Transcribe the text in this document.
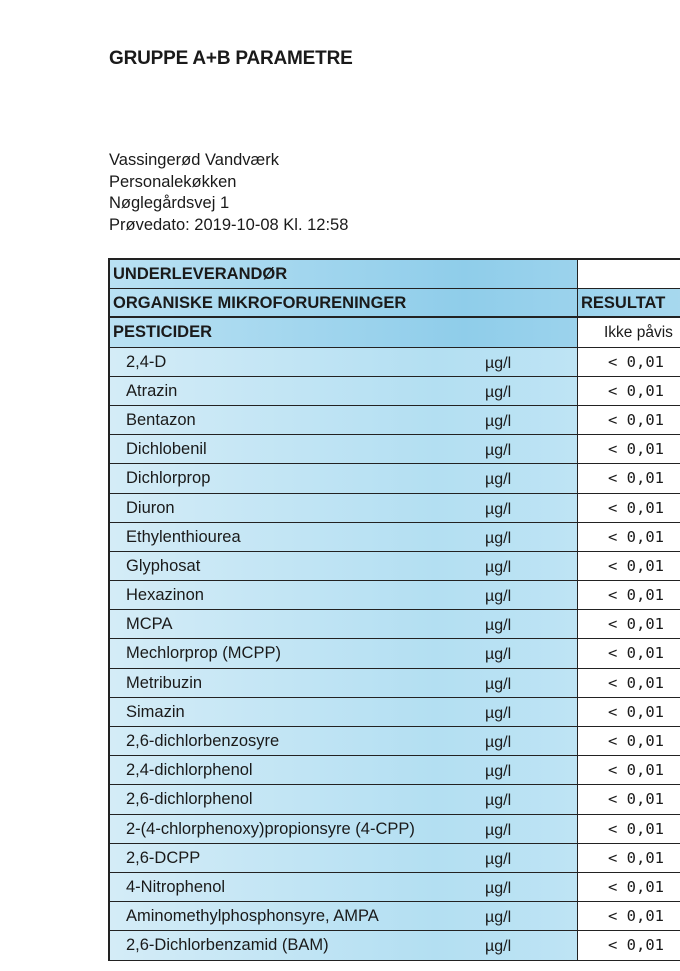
GRUPPE A+B PARAMETRE
Vassingerød Vandværk
Personalekøkken
Nøglegårdsvej 1
Prøvedato: 2019-10-08 Kl. 12:58
UNDERLEVERANDØR
ORGANISKE MIKROFORURENINGER	RESULTAT
PESTICIDER	Ikke påvis
2,4-D	µg/l	< 0,01
Atrazin	µg/l	< 0,01
Bentazon	µg/l	< 0,01
Dichlobenil	µg/l	< 0,01
Dichlorprop	µg/l	< 0,01
Diuron	µg/l	< 0,01
Ethylenthiourea	µg/l	< 0,01
Glyphosat	µg/l	< 0,01
Hexazinon	µg/l	< 0,01
MCPA	µg/l	< 0,01
Mechlorprop (MCPP)	µg/l	< 0,01
Metribuzin	µg/l	< 0,01
Simazin	µg/l	< 0,01
2,6-dichlorbenzosyre	µg/l	< 0,01
2,4-dichlorphenol	µg/l	< 0,01
2,6-dichlorphenol	µg/l	< 0,01
2-(4-chlorphenoxy)propionsyre (4-CPP)	µg/l	< 0,01
2,6-DCPP	µg/l	< 0,01
4-Nitrophenol	µg/l	< 0,01
Aminomethylphosphonsyre, AMPA	µg/l	< 0,01
2,6-Dichlorbenzamid (BAM)	µg/l	< 0,01
